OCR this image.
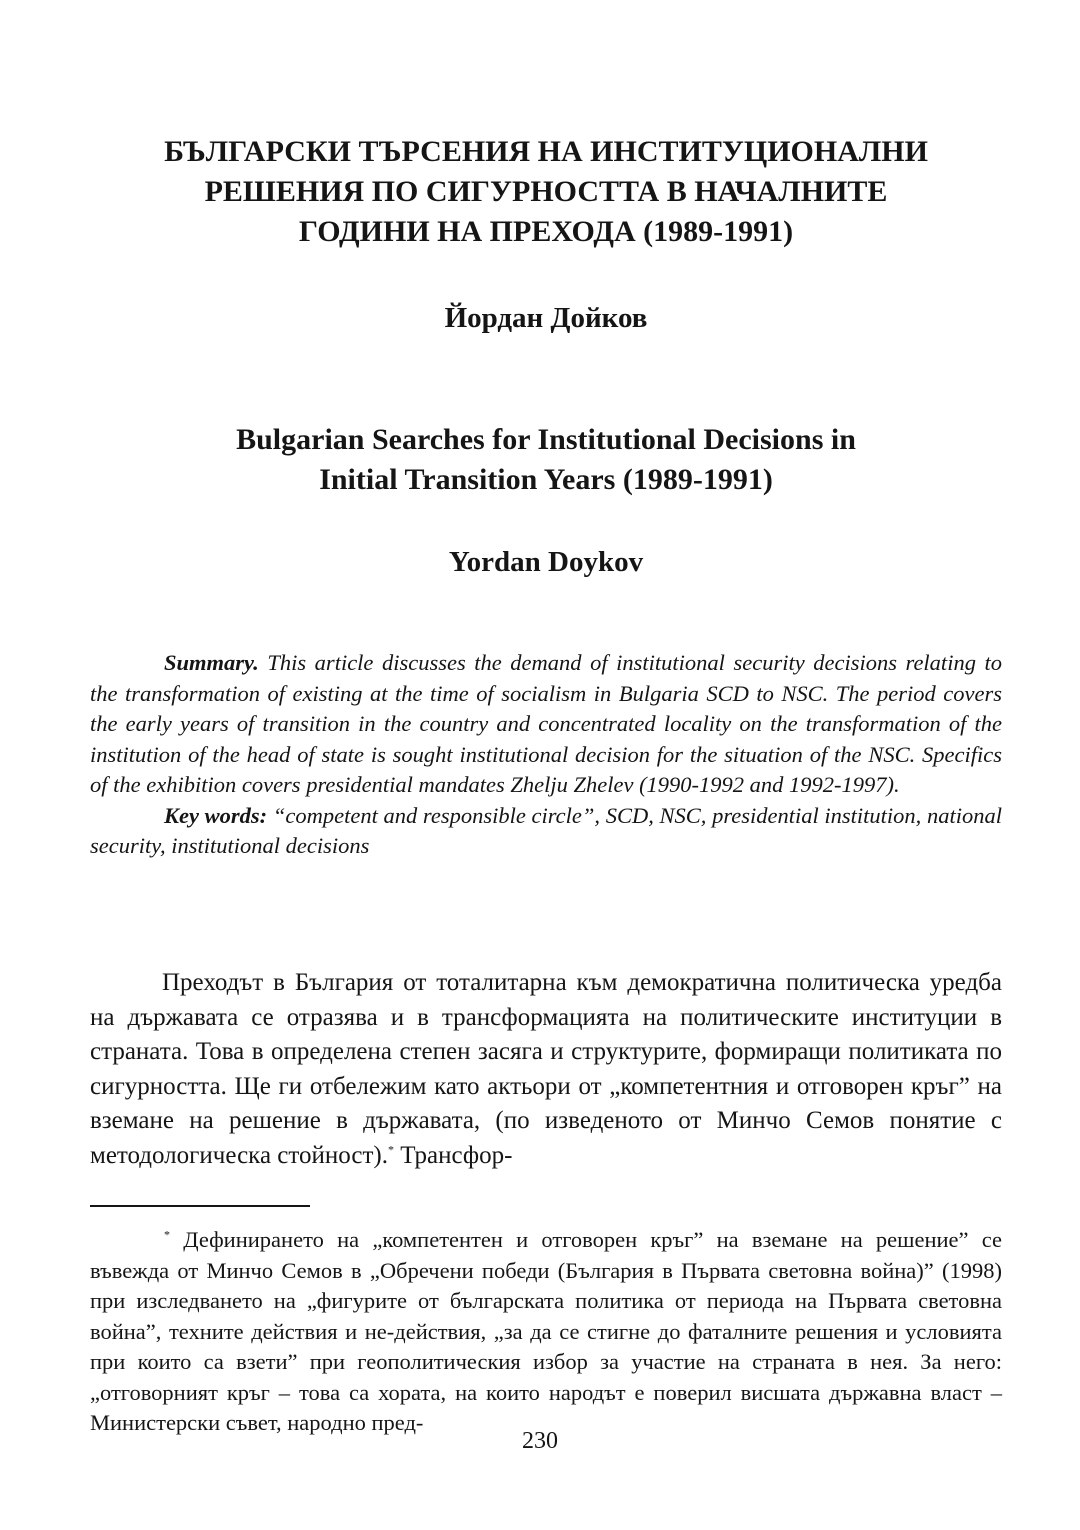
БЪЛГАРСКИ ТЪРСЕНИЯ НА ИНСТИТУЦИОНАЛНИ
РЕШЕНИЯ ПО СИГУРНОСТТА В НАЧАЛНИТЕ
ГОДИНИ НА ПРЕХОДА (1989-1991)
Йордан Дойков
Bulgarian Searches for Institutional Decisions in
Initial Transition Years (1989-1991)
Yordan Doykov

Summary. This article discusses the demand of institutional security decisions relating to the transformation of existing at the time of socialism in Bulgaria SCD to NSC. The period covers the early years of transition in the country and concentrated locality on the transformation of the institution of the head of state is sought institutional decision for the situation of the NSC. Specifics of the exhibition covers presidential mandates Zhelju Zhelev (1990-1992 and 1992-1997).

Key words: “competent and responsible circle”, SCD, NSC, presidential institution, national security, institutional decisions

Преходът в България от тоталитарна към демократична политическа уредба на държавата се отразява и в трансформацията на политическите институции в страната. Това в определена степен засяга и структурите, формиращи политиката по сигурността. Ще ги отбележим като актьори от „компетентния и отговорен кръг” на вземане на решение в държавата, (по изведеното от Минчо Семов понятие с методологическа стойност).* Трансфор-

* Дефинирането на „компетентен и отговорен кръг” на вземане на решение” се въвежда от Минчо Семов в „Обречени победи (България в Първата световна война)” (1998) при изследването на „фигурите от българската политика от периода на Първата световна война”, техните действия и не-действия, „за да се стигне до фаталните решения и условията при които са взети” при геополитическия избор за участие на страната в нея. За него: „отговорният кръг – това са хората, на които народът е поверил висшата държавна власт – Министерски съвет, народно пред-

230
